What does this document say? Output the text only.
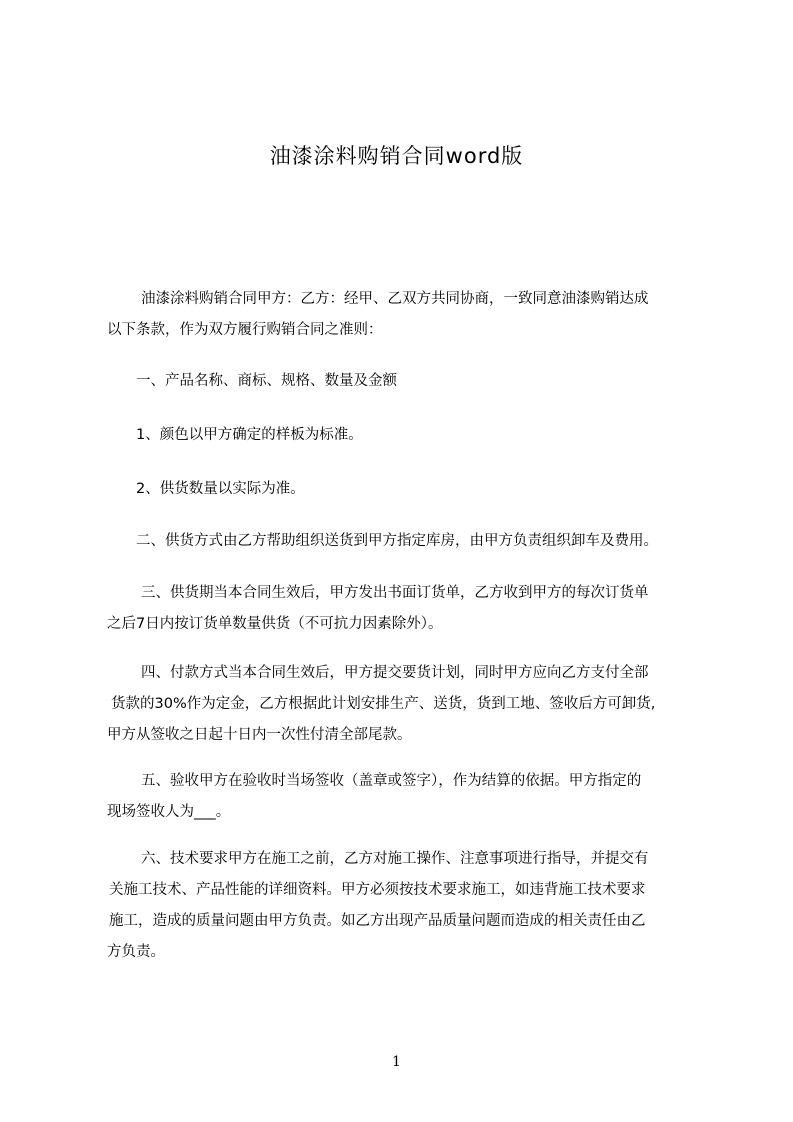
油漆涂料购销合同word版
油漆涂料购销合同甲方：乙方：经甲、乙双方共同协商，一致同意油漆购销达成
以下条款，作为双方履行购销合同之准则：
一、产品名称、商标、规格、数量及金额
1、颜色以甲方确定的样板为标准。
2、供货数量以实际为准。
二、供货方式由乙方帮助组织送货到甲方指定库房，由甲方负责组织卸车及费用。
三、供货期当本合同生效后，甲方发出书面订货单，乙方收到甲方的每次订货单
之后7日内按订货单数量供货（不可抗力因素除外）。
四、付款方式当本合同生效后，甲方提交要货计划，同时甲方应向乙方支付全部
货款的30%作为定金，乙方根据此计划安排生产、送货，货到工地、签收后方可卸货,
甲方从签收之日起十日内一次性付清全部尾款。
五、验收甲方在验收时当场签收（盖章或签字），作为结算的依据。甲方指定的
现场签收人为___。
六、技术要求甲方在施工之前，乙方对施工操作、注意事项进行指导，并提交有
关施工技术、产品性能的详细资料。甲方必须按技术要求施工，如违背施工技术要求
施工，造成的质量问题由甲方负责。如乙方出现产品质量问题而造成的相关责任由乙
方负责。
1
